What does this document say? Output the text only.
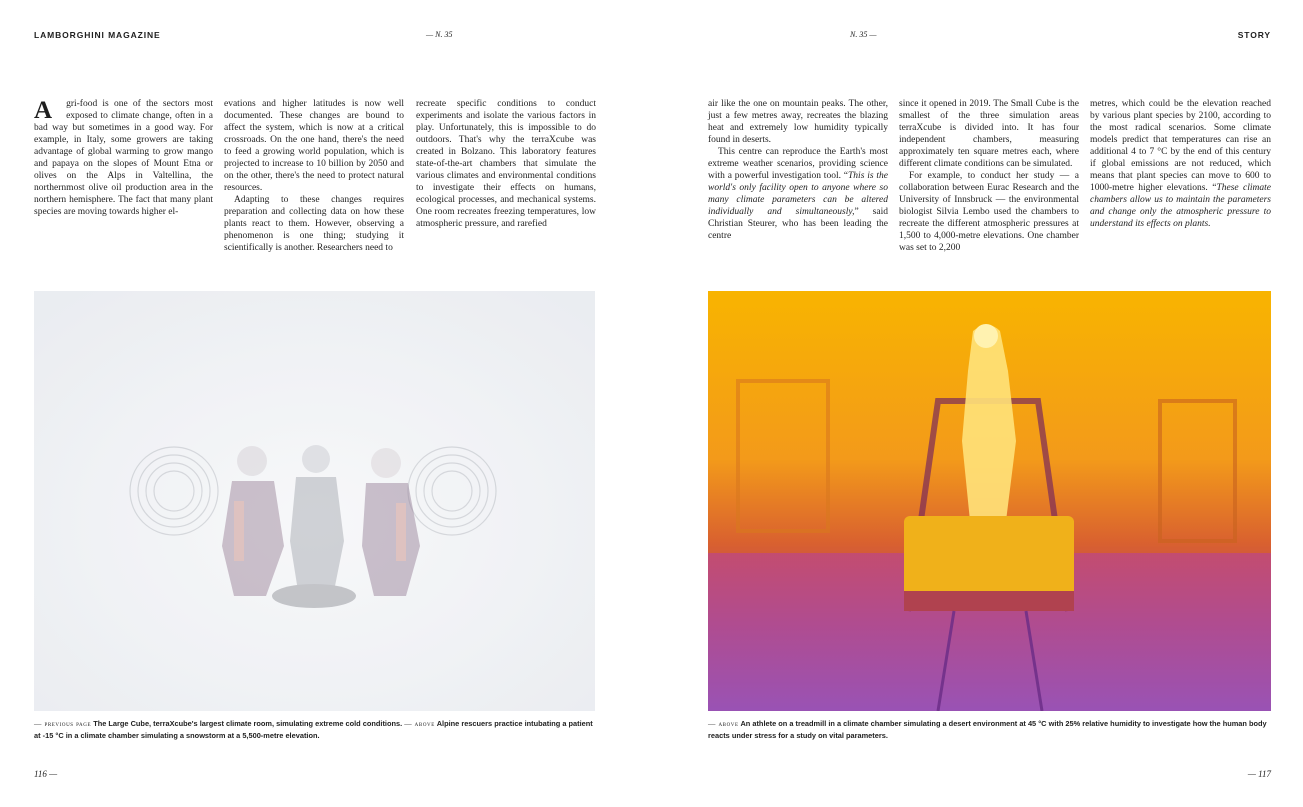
LAMBORGHINI MAGAZINE	— N. 35	N. 35 —	STORY

A gri-food is one of the sectors most exposed to climate change, often in a bad way but sometimes in a good way. For example, in Italy, some growers are taking advantage of global warming to grow mango and papaya on the slopes of Mount Etna or olives on the Alps in Valtellina, the northernmost olive oil production area in the northern hemisphere. The fact that many plant species are moving towards higher el-

evations and higher latitudes is now well documented. These changes are bound to affect the system, which is now at a critical crossroads. On the one hand, there's the need to feed a growing world population, which is projected to increase to 10 billion by 2050 and on the other, there's the need to protect natural resources.

Adapting to these changes requires preparation and collecting data on how these plants react to them. However, observing a phenomenon is one thing; studying it scientifically is another. Researchers need to

recreate specific conditions to conduct experiments and isolate the various factors in play. Unfortunately, this is impossible to do outdoors. That's why the terraXcube was created in Bolzano. This laboratory features state-of-the-art chambers that simulate the various climates and environmental conditions to investigate their effects on humans, ecological processes, and mechanical systems. One room recreates freezing temperatures, low atmospheric pressure, and rarefied

air like the one on mountain peaks. The other, just a few metres away, recreates the blazing heat and extremely low humidity typically found in deserts.

This centre can reproduce the Earth's most extreme weather scenarios, providing science with a powerful investigation tool. “This is the world's only facility open to anyone where so many climate parameters can be altered individually and simultaneously,” said Christian Steurer, who has been leading the centre

since it opened in 2019. The Small Cube is the smallest of the three simulation areas terraXcube is divided into. It has four independent chambers, measuring approximately ten square metres each, where different climate conditions can be simulated.

For example, to conduct her study — a collaboration between Eurac Research and the University of Innsbruck — the environmental biologist Silvia Lembo used the chambers to recreate the different atmospheric pressures at 1,500 to 4,000-metre elevations. One chamber was set to 2,200

metres, which could be the elevation reached by various plant species by 2100, according to the most radical scenarios. Some climate models predict that temperatures can rise an additional 4 to 7 °C by the end of this century if global emissions are not reduced, which means that plant species can move to 600 to 1000-metre higher elevations. “These climate chambers allow us to maintain the parameters and change only the atmospheric pressure to understand its effects on plants.

— previous page The Large Cube, terraXcube's largest climate room, simulating extreme cold conditions. — above Alpine rescuers practice intubating a patient at -15 °C in a climate chamber simulating a snowstorm at a 5,500-metre elevation.
— above An athlete on a treadmill in a climate chamber simulating a desert environment at 45 °C with 25% relative humidity to investigate how the human body reacts under stress for a study on vital parameters.
116 —	— 117
